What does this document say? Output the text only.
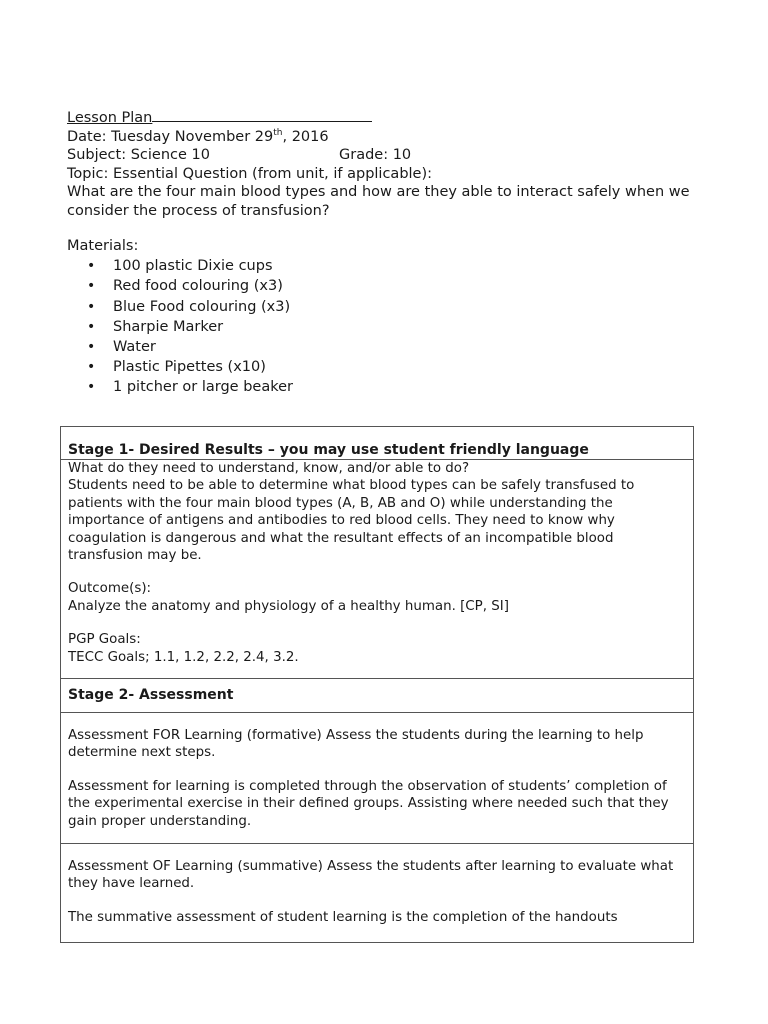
Lesson Plan
Date: Tuesday November 29th, 2016
Subject: Science 10	Grade: 10
Topic: Essential Question (from unit, if applicable):
What are the four main blood types and how are they able to interact safely when we consider the process of transfusion?
Materials:
• 100 plastic Dixie cups
• Red food colouring (x3)
• Blue Food colouring (x3)
• Sharpie Marker
• Water
• Plastic Pipettes (x10)
• 1 pitcher or large beaker
Stage 1- Desired Results – you may use student friendly language

What do they need to understand, know, and/or able to do?
Students need to be able to determine what blood types can be safely transfused to patients with the four main blood types (A, B, AB and O) while understanding the importance of antigens and antibodies to red blood cells. They need to know why coagulation is dangerous and what the resultant effects of an incompatible blood transfusion may be.
Outcome(s):
Analyze the anatomy and physiology of a healthy human. [CP, SI]
PGP Goals:
TECC Goals; 1.1, 1.2, 2.2, 2.4, 3.2.

Stage 2- Assessment

Assessment FOR Learning (formative) Assess the students during the learning to help determine next steps.
Assessment for learning is completed through the observation of students’ completion of the experimental exercise in their defined groups. Assisting where needed such that they gain proper understanding.

Assessment OF Learning (summative) Assess the students after learning to evaluate what they have learned.
The summative assessment of student learning is the completion of the handouts
